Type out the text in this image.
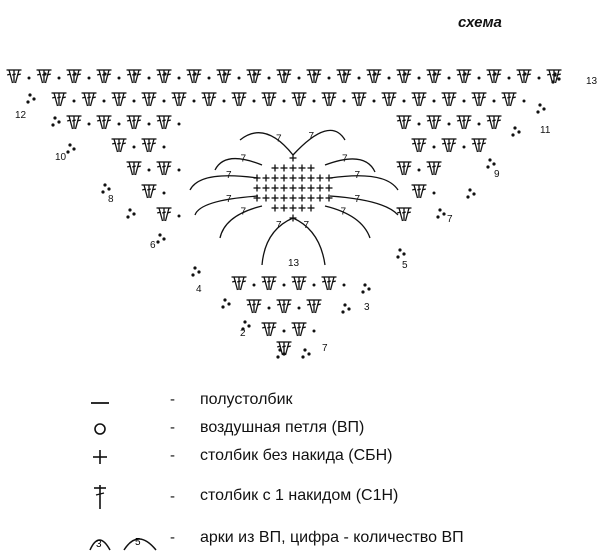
схема
7	7
7	7
7	7
7	7
7	7
7 7
13
2
3
4
5
6
7
8
9
10
11
12
13
7
- полустолбик
- воздушная петля (ВП)
- столбик без накида (СБН)
- столбик с 1 накидом (С1Н)
3	5 - арки из ВП, цифра - количество ВП
